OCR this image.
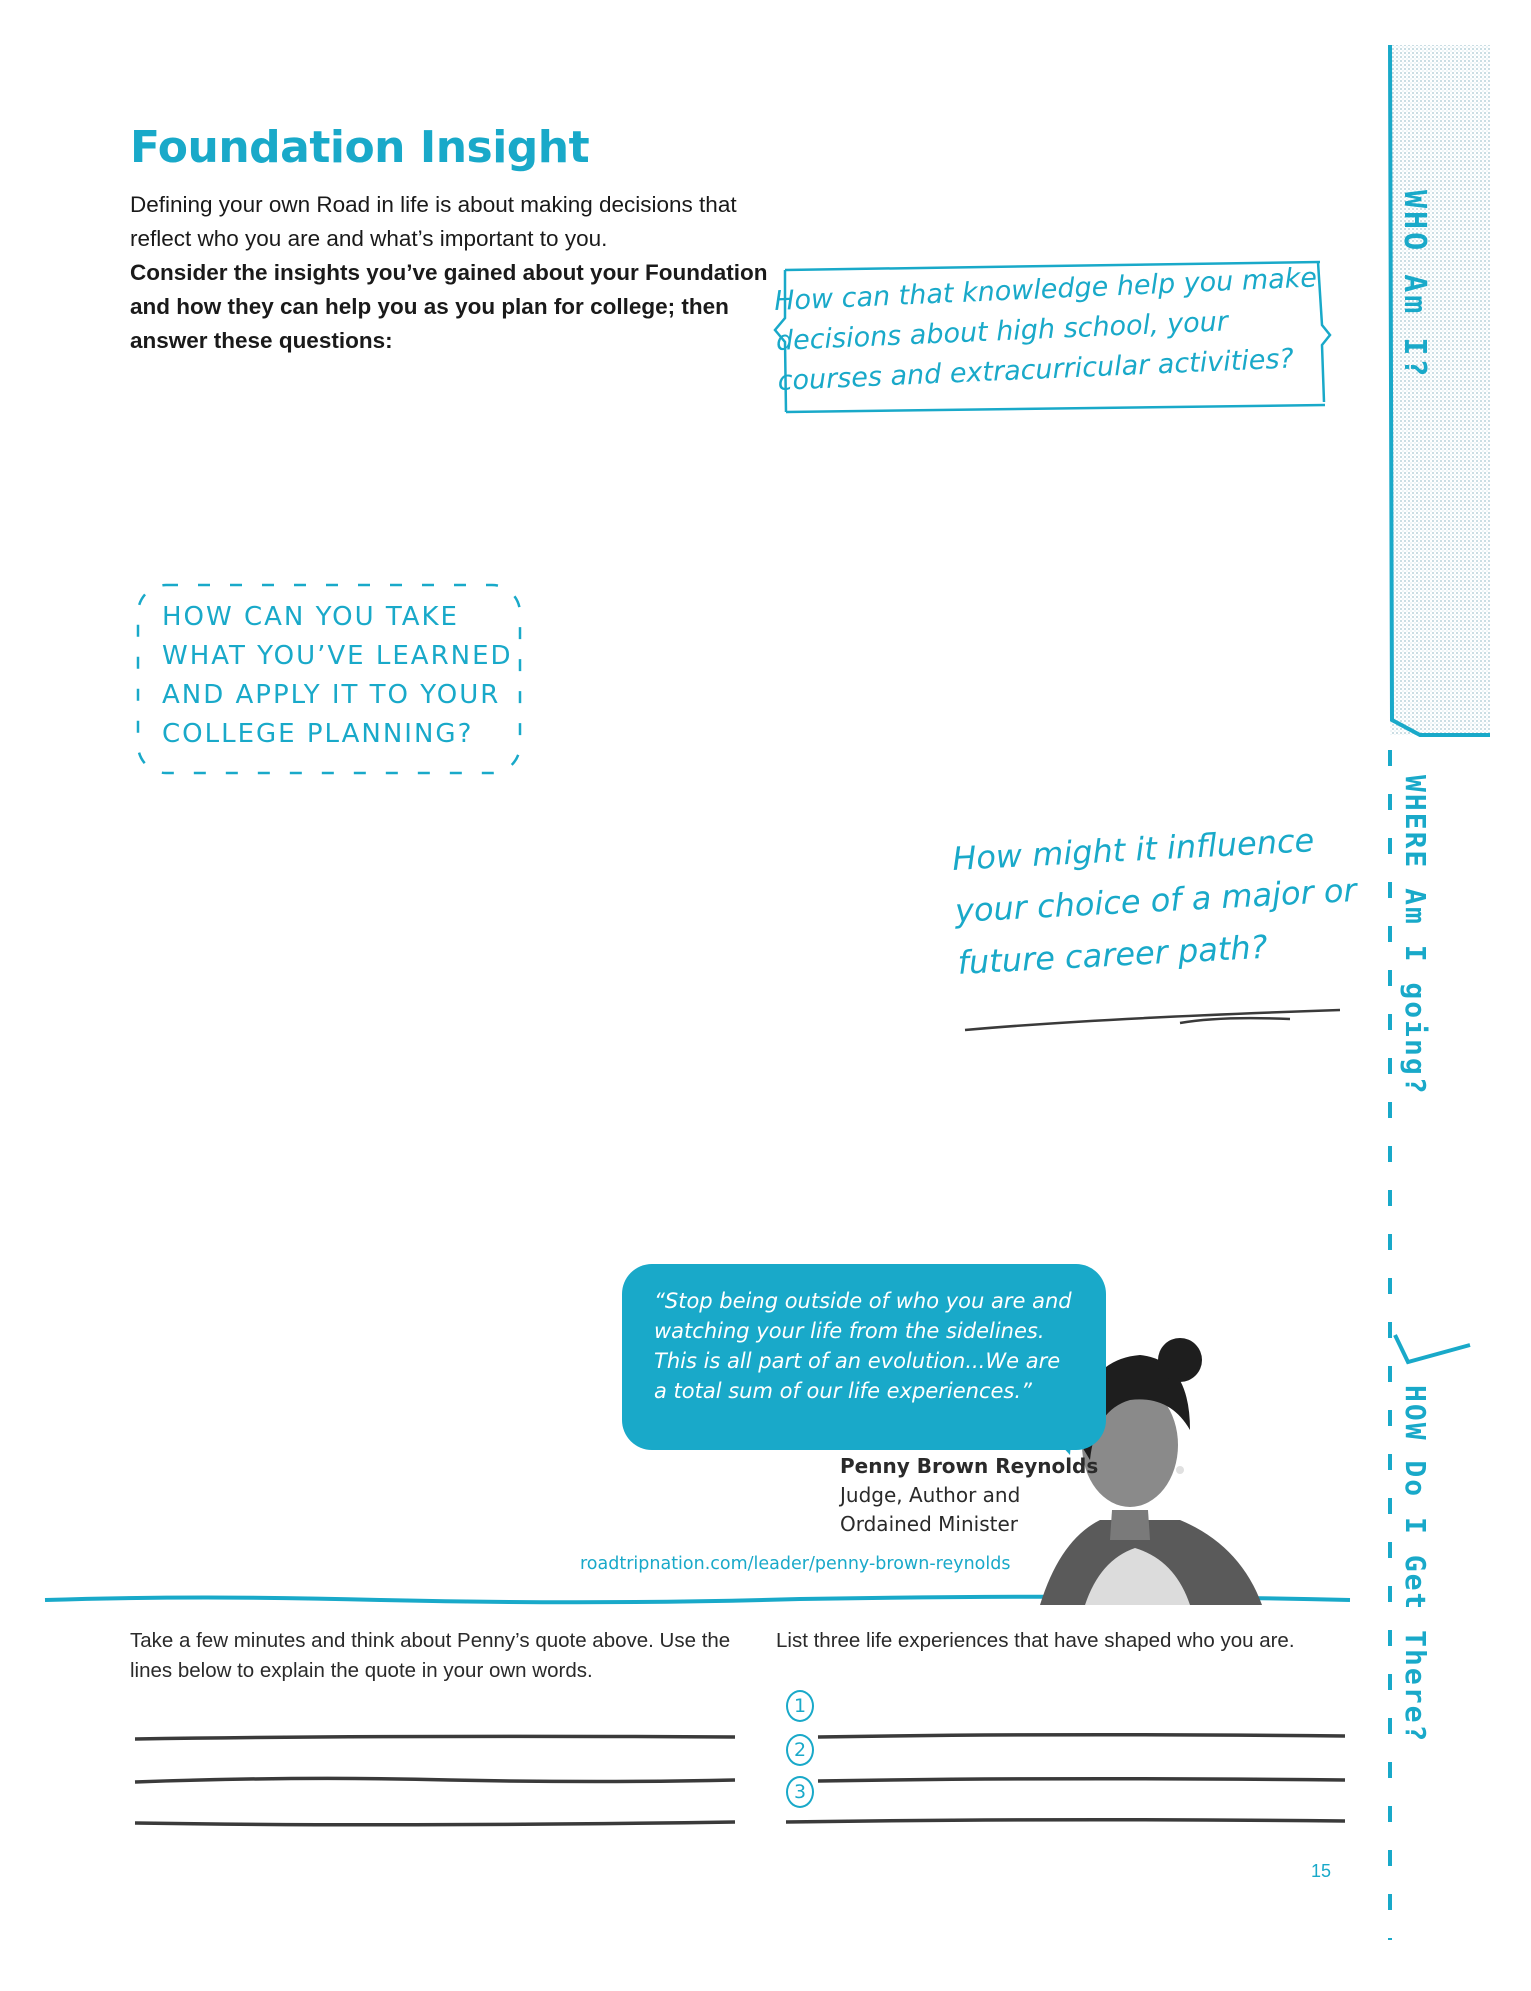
Foundation Insight

Defining your own Road in life is about making decisions that reflect who you are and what’s important to you.

Consider the insights you’ve gained about your Foundation and how they can help you as you plan for college; then answer these questions:

How can that knowledge help you make decisions about high school, your courses and extracurricular activities?
HOW CAN YOU TAKE WHAT YOU’VE LEARNED AND APPLY IT TO YOUR COLLEGE PLANNING?
How might it influence your choice of a major or future career path?
“Stop being outside of who you are and watching your life from the sidelines. This is all part of an evolution...We are a total sum of our life experiences.”
Penny Brown Reynolds
Judge, Author and
Ordained Minister
roadtripnation.com/leader/penny-brown-reynolds
Take a few minutes and think about Penny’s quote above. Use the lines below to explain the quote in your own words.
List three life experiences that have shaped who you are.
1
2
3
15
WHO Am I?
WHERE Am I going?
HOW Do I Get There?
